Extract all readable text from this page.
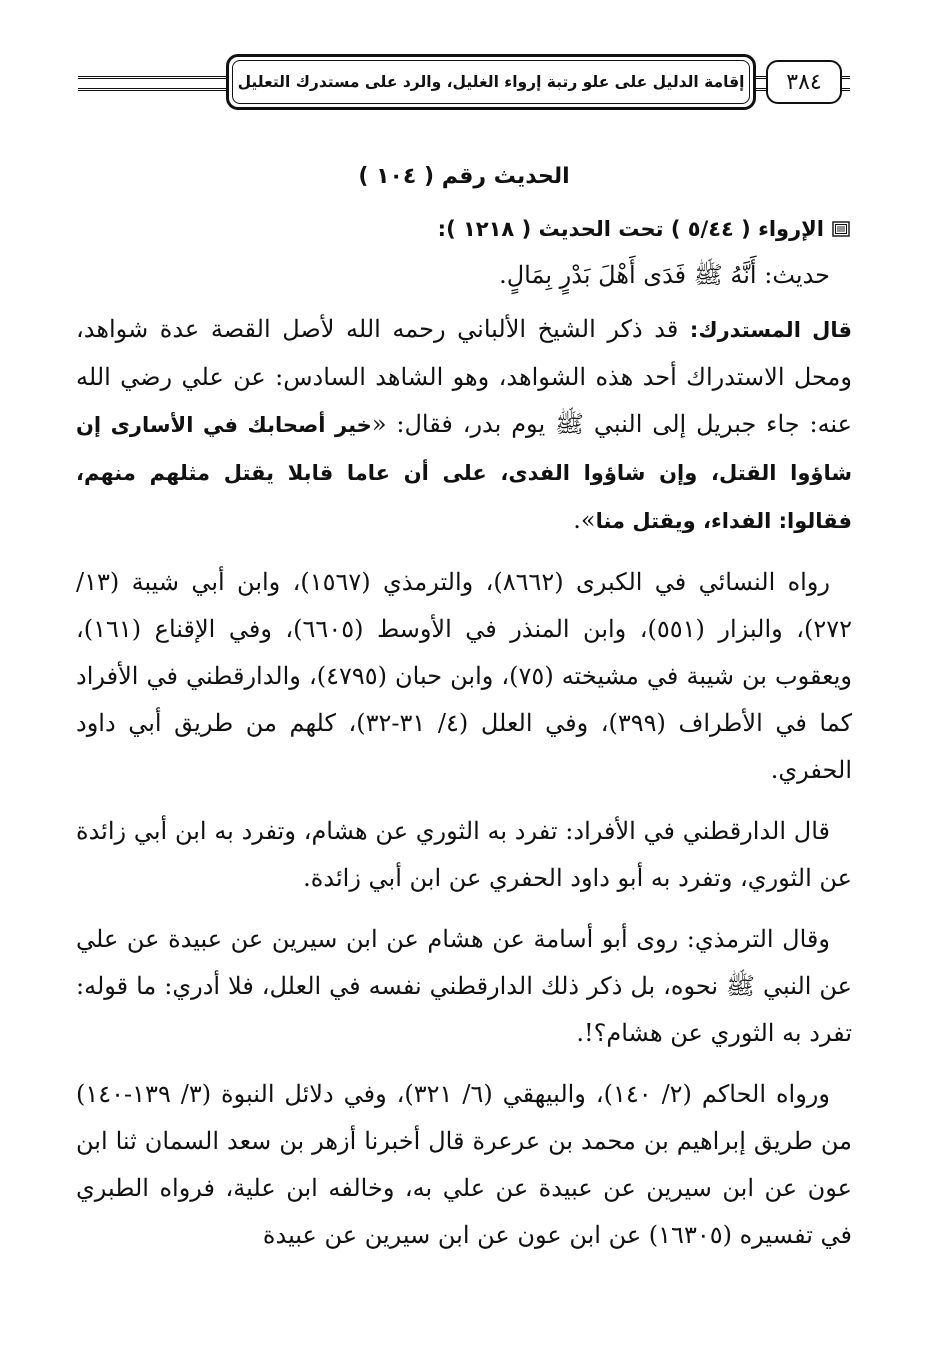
إقامة الدليل على علو رتبة إرواء الغليل، والرد على مستدرك التعليل	٣٨٤
الحديث رقم ( ١٠٤ )
الإرواء ( ٥/٤٤ ) تحت الحديث ( ١٢١٨ ):

حديث: أَنَّهُ ﷺ فَدَى أَهْلَ بَدْرٍ بِمَالٍ.

قال المستدرك: قد ذكر الشيخ الألباني رحمه الله لأصل القصة عدة شواهد، ومحل الاستدراك أحد هذه الشواهد، وهو الشاهد السادس: عن علي رضي الله عنه: جاء جبريل إلى النبي ﷺ يوم بدر، فقال: «خير أصحابك في الأسارى إن شاؤوا القتل، وإن شاؤوا الفدى، على أن عاما قابلا يقتل مثلهم منهم، فقالوا: الفداء، ويقتل منا».

رواه النسائي في الكبرى (٨٦٦٢)، والترمذي (١٥٦٧)، وابن أبي شيبة (١٣/ ٢٧٢)، والبزار (٥٥١)، وابن المنذر في الأوسط (٦٦٠٥)، وفي الإقناع (١٦١)، ويعقوب بن شيبة في مشيخته (٧٥)، وابن حبان (٤٧٩٥)، والدارقطني في الأفراد كما في الأطراف (٣٩٩)، وفي العلل (٤/ ٣١-٣٢)، كلهم من طريق أبي داود الحفري.

قال الدارقطني في الأفراد: تفرد به الثوري عن هشام، وتفرد به ابن أبي زائدة عن الثوري، وتفرد به أبو داود الحفري عن ابن أبي زائدة.

وقال الترمذي: روى أبو أسامة عن هشام عن ابن سيرين عن عبيدة عن علي عن النبي ﷺ نحوه، بل ذكر ذلك الدارقطني نفسه في العلل، فلا أدري: ما قوله: تفرد به الثوري عن هشام؟!.

ورواه الحاكم (٢/ ١٤٠)، والبيهقي (٦/ ٣٢١)، وفي دلائل النبوة (٣/ ١٣٩-١٤٠) من طريق إبراهيم بن محمد بن عرعرة قال أخبرنا أزهر بن سعد السمان ثنا ابن عون عن ابن سيرين عن عبيدة عن علي به، وخالفه ابن علية، فرواه الطبري في تفسيره (١٦٣٠٥) عن ابن عون عن ابن سيرين عن عبيدة
